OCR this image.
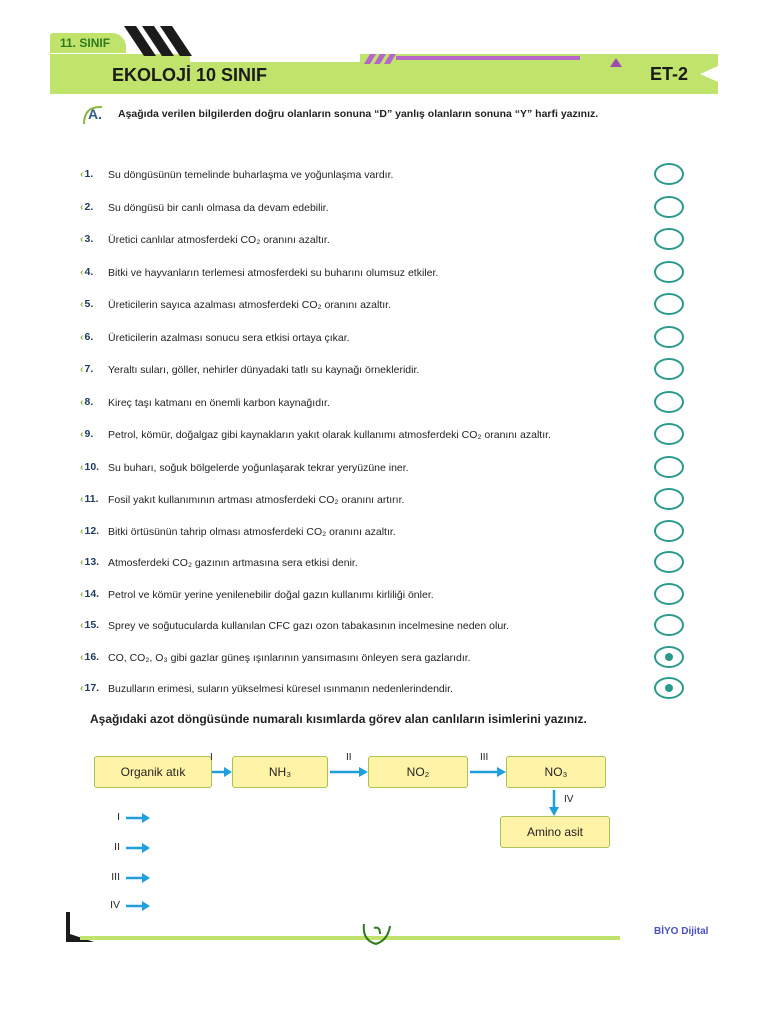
11. SINIF
EKOLOJİ 10 SINIF	ET-2
A. Aşağıda verilen bilgilerden doğru olanların sonuna “D” yanlış olanların sonuna “Y” harfi yazınız.
‹1.	Su döngüsünün temelinde buharlaşma ve yoğunlaşma vardır.
‹2.	Su döngüsü bir canlı olmasa da devam edebilir.
‹3.	Üretici canlılar atmosferdeki CO₂ oranını azaltır.
‹4.	Bitki ve hayvanların terlemesi atmosferdeki su buharını olumsuz etkiler.
‹5.	Üreticilerin sayıca azalması atmosferdeki CO₂ oranını azaltır.
‹6.	Üreticilerin azalması sonucu sera etkisi ortaya çıkar.
‹7.	Yeraltı suları, göller, nehirler dünyadaki tatlı su kaynağı örnekleridir.
‹8.	Kireç taşı katmanı en önemli karbon kaynağıdır.
‹9.	Petrol, kömür, doğalgaz gibi kaynakların yakıt olarak kullanımı atmosferdeki CO₂ oranını azaltır.
‹10. Su buharı, soğuk bölgelerde yoğunlaşarak tekrar yeryüzüne iner.
‹11. Fosil yakıt kullanımının artması atmosferdeki CO₂ oranını artırır.
‹12. Bitki örtüsünün tahrip olması atmosferdeki CO₂ oranını azaltır.
‹13. Atmosferdeki CO₂ gazının artmasına sera etkisi denir.
‹14. Petrol ve kömür yerine yenilenebilir doğal gazın kullanımı kirliliği önler.
‹15. Sprey ve soğutucularda kullanılan CFC gazı ozon tabakasının incelmesine neden olur.
‹16. CO, CO₂, O₃ gibi gazlar güneş ışınlarının yansımasını önleyen sera gazlarıdır.
‹17. Buzulların erimesi, suların yükselmesi küresel ısınmanın nedenlerindendir.
Aşağıdaki azot döngüsünde numaralı kısımlarda görev alan canlıların isimlerini yazınız.
Organik atık	NH₃	NO₂	NO₃
Amino asit
I	II	III
IV
I
II
III
IV
BİYO Dijital
